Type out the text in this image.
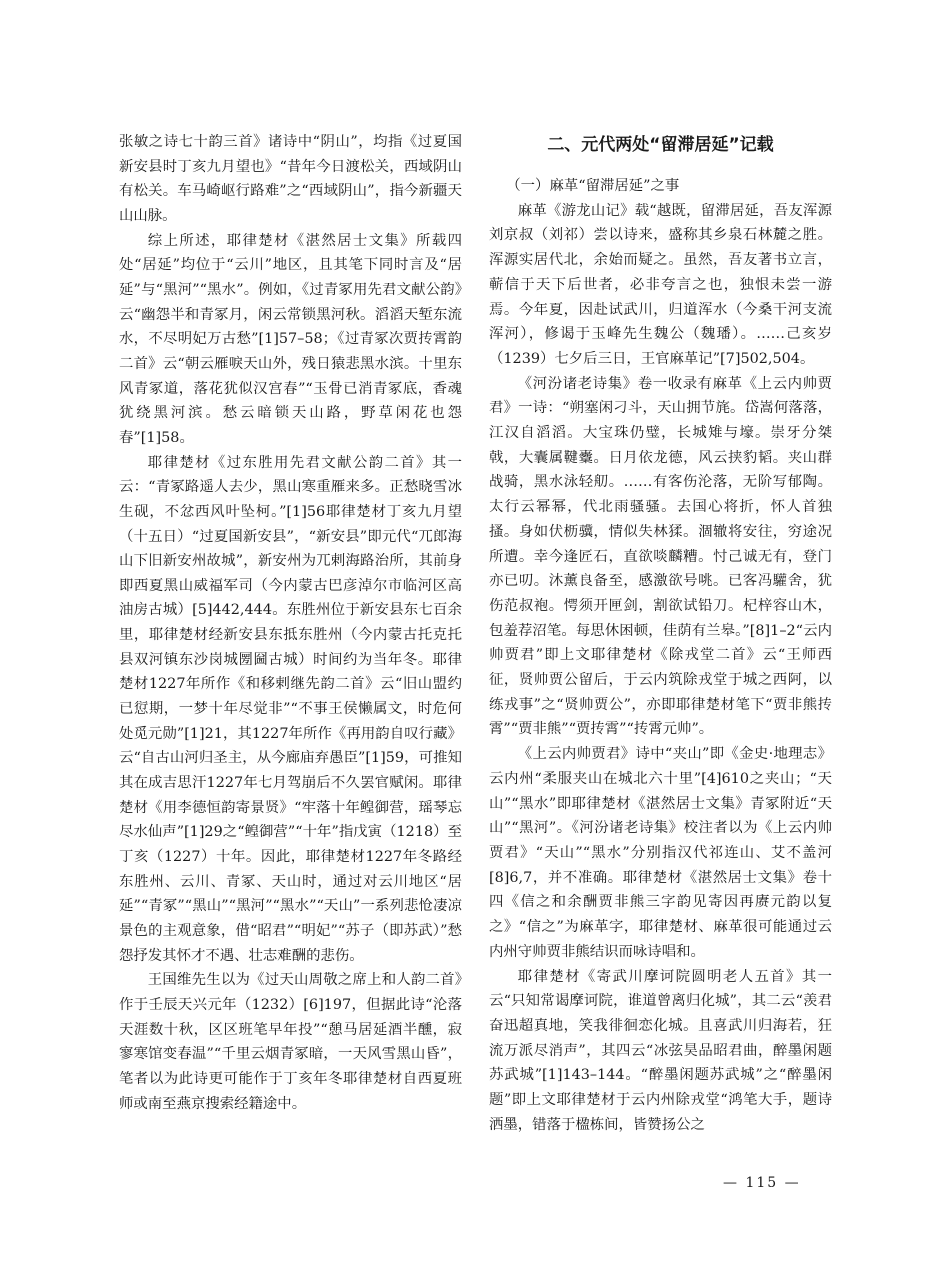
张敏之诗七十韵三首》诸诗中“阴山”，均指《过夏国新安县时丁亥九月望也》“昔年今日渡松关，西域阴山有松关。车马崎岖行路难”之“西域阴山”，指今新疆天山山脉。

综上所述，耶律楚材《湛然居士文集》所载四处“居延”均位于“云川”地区，且其笔下同时言及“居延”与“黑河”“黑水”。例如，《过青冢用先君文献公韵》云“幽怨半和青冢月，闲云常锁黑河秋。滔滔天堑东流水，不尽明妃万古愁”[1]57–58；《过青冢次贾抟霄韵二首》云“朝云雁唳天山外，残日猿悲黑水滨。十里东风青冢道，落花犹似汉宫春”“玉骨已消青冢底，香魂犹绕黑河滨。愁云暗锁天山路，野草闲花也怨春”[1]58。

耶律楚材《过东胜用先君文献公韵二首》其一云：“青冢路遥人去少，黑山寒重雁来多。正愁晓雪冰生砚，不忿西风叶坠柯。”[1]56耶律楚材丁亥九月望（十五日）“过夏国新安县”，“新安县”即元代“兀郎海山下旧新安州故城”，新安州为兀剌海路治所，其前身即西夏黑山威福军司（今内蒙古巴彦淖尔市临河区高油房古城）[5]442,444。东胜州位于新安县东七百余里，耶律楚材经新安县东抵东胜州（今内蒙古托克托县双河镇东沙岗城圐圙古城）时间约为当年冬。耶律楚材1227年所作《和移剌继先韵二首》云“旧山盟约已愆期，一梦十年尽觉非”“不事王侯懒属文，时危何处觅元勋”[1]21，其1227年所作《再用韵自叹行藏》云“自古山河归圣主，从今廊庙弃愚臣”[1]59，可推知其在成吉思汗1227年七月驾崩后不久罢官赋闲。耶律楚材《用李德恒韵寄景贤》“牢落十年鳇御营，瑶琴忘尽水仙声”[1]29之“鳇御营”“十年”指戊寅（1218）至丁亥（1227）十年。因此，耶律楚材1227年冬路经东胜州、云川、青冢、天山时，通过对云川地区“居延”“青冢”“黑山”“黑河”“黑水”“天山”一系列悲怆凄凉景色的主观意象，借“昭君”“明妃”“苏子（即苏武）”愁怨抒发其怀才不遇、壮志难酬的悲伤。

王国维先生以为《过天山周敬之席上和人韵二首》作于壬辰天兴元年（1232）[6]197，但据此诗“沦落天涯数十秋，区区班笔早年投”“憩马居延酒半醺，寂寥寒馆变春温”“千里云烟青冢暗，一天风雪黑山昏”，笔者以为此诗更可能作于丁亥年冬耶律楚材自西夏班师或南至燕京搜索经籍途中。

二、元代两处“留滞居延”记载
（一）麻革“留滞居延”之事

麻革《游龙山记》载“越既，留滞居延，吾友浑源刘京叔（刘祁）尝以诗来，盛称其乡泉石林麓之胜。浑源实居代北，余始而疑之。虽然，吾友著书立言，蕲信于天下后世者，必非夸言之也，独恨未尝一游焉。今年夏，因赴试武川，归道浑水（今桑干河支流浑河），修谒于玉峰先生魏公（魏璠）。……己亥岁（1239）七夕后三日，王官麻革记”[7]502,504。

《河汾诸老诗集》卷一收录有麻革《上云内帅贾君》一诗：“朔塞闲刁斗，天山拥节旄。岱嵩何落落，江汉自滔滔。大宝珠仍璧，长城雉与壕。崇牙分桀戟，大囊属鞬櫜。日月依龙德，风云挟豹韬。夹山群战骑，黑水泳轻舠。……有客伤沦落，无阶写郁陶。太行云幂幂，代北雨骚骚。去国心将折，怀人首独搔。身如伏枥骥，情似失林猱。涸辙将安往，穷途况所遭。幸今逢匠石，直欲啖麟糟。忖己诚无有，登门亦已叨。沐薰良备至，感激欲号咷。已客冯驩舍，犹伤范叔袍。愕须开匣剑，割欲试铅刀。杞梓容山木，包羞荐沼笔。每思休困顿，佳荫有兰皋。”[8]1–2“云内帅贾君”即上文耶律楚材《除戎堂二首》云“王师西征，贤帅贾公留后，于云内筑除戎堂于城之西阿，以练戎事”之“贤帅贾公”，亦即耶律楚材笔下“贾非熊抟霄”“贾非熊”“贾抟霄”“抟霄元帅”。

《上云内帅贾君》诗中“夹山”即《金史·地理志》云内州“柔服夹山在城北六十里”[4]610之夹山；“天山”“黑水”即耶律楚材《湛然居士文集》青冢附近“天山”“黑河”。《河汾诸老诗集》校注者以为《上云内帅贾君》“天山”“黑水”分别指汉代祁连山、艾不盖河[8]6,7，并不准确。耶律楚材《湛然居士文集》卷十四《信之和余酬贾非熊三字韵见寄因再赓元韵以复之》“信之”为麻革字，耶律楚材、麻革很可能通过云内州守帅贾非熊结识而咏诗唱和。

耶律楚材《寄武川摩诃院圆明老人五首》其一云“只知常谒摩诃院，谁道曾离归化城”，其二云“羡君奋迅超真地，笑我徘徊恋化城。且喜武川归海若，狂流万派尽消声”，其四云“冰弦昊品昭君曲，醉墨闲题苏武城”[1]143–144。“醉墨闲题苏武城”之“醉墨闲题”即上文耶律楚材于云内州除戎堂“鸿笔大手，题诗洒墨，错落于楹栋间，皆赞扬公之

— 115 —
